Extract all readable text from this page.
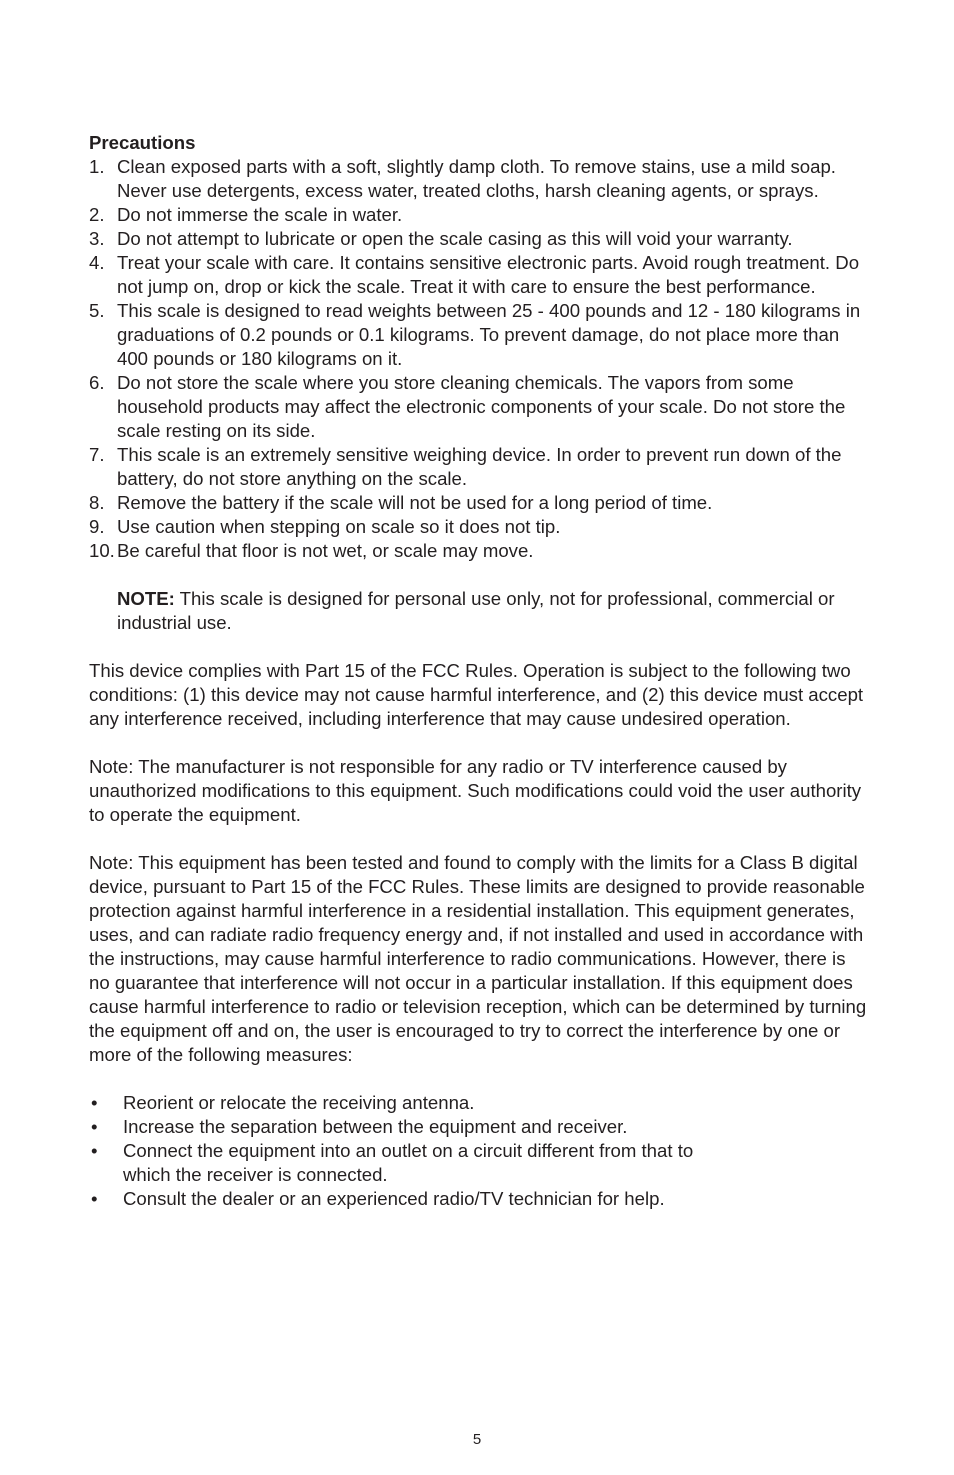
Precautions

1. Clean exposed parts with a soft, slightly damp cloth. To remove stains, use a mild soap. Never use detergents, excess water, treated cloths, harsh cleaning agents, or sprays.
2. Do not immerse the scale in water.
3. Do not attempt to lubricate or open the scale casing as this will void your warranty.
4. Treat your scale with care. It contains sensitive electronic parts. Avoid rough treatment. Do not jump on, drop or kick the scale. Treat it with care to ensure the best performance.
5. This scale is designed to read weights between 25 - 400 pounds and 12 - 180 kilograms in graduations of 0.2 pounds or 0.1 kilograms. To prevent damage, do not place more than 400 pounds or 180 kilograms on it.
6. Do not store the scale where you store cleaning chemicals. The vapors from some household products may affect the electronic components of your scale. Do not store the scale resting on its side.
7. This scale is an extremely sensitive weighing device. In order to prevent run down of the battery, do not store anything on the scale.
8. Remove the battery if the scale will not be used for a long period of time.
9. Use caution when stepping on scale so it does not tip.
10. Be careful that floor is not wet, or scale may move.
NOTE: This scale is designed for personal use only, not for professional, commercial or industrial use.

This device complies with Part 15 of the FCC Rules. Operation is subject to the following two conditions: (1) this device may not cause harmful interference, and (2) this device must accept any interference received, including interference that may cause undesired operation.

Note: The manufacturer is not responsible for any radio or TV interference caused by unauthorized modifications to this equipment. Such modifications could void the user authority to operate the equipment.

Note: This equipment has been tested and found to comply with the limits for a Class B digital device, pursuant to Part 15 of the FCC Rules. These limits are designed to provide reasonable protection against harmful interference in a residential installation. This equipment generates, uses, and can radiate radio frequency energy and, if not installed and used in accordance with the instructions, may cause harmful interference to radio communications. However, there is no guarantee that interference will not occur in a particular installation. If this equipment does cause harmful interference to radio or television reception, which can be determined by turning the equipment off and on, the user is encouraged to try to correct the interference by one or more of the following measures:

• Reorient or relocate the receiving antenna.
• Increase the separation between the equipment and receiver.
• Connect the equipment into an outlet on a circuit different from that to which the receiver is connected.
• Consult the dealer or an experienced radio/TV technician for help.
5
